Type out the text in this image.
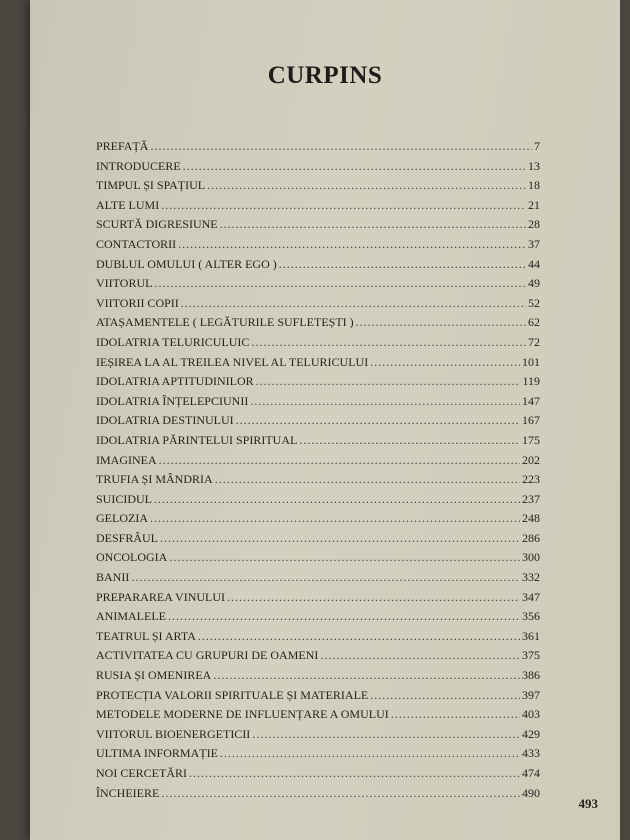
CURPINS
PREFAȚĂ .....	7
INTRODUCERE .....	13
TIMPUL ȘI SPAȚIUL .....	18
ALTE LUMI .....	21
SCURTĂ DIGRESIUNE .....	28
CONTACTORII .....	37
DUBLUL OMULUI ( ALTER EGO ) .....	44
VIITORUL .....	49
VIITORII COPII .....	52
ATAȘAMENTELE ( LEGĂTURILE SUFLETEȘTI ) .....	62
IDOLATRIA TELURICULUIC .....	72
IEȘIREA LA AL TREILEA NIVEL AL TELURICULUI .....	101
IDOLATRIA APTITUDINILOR .....	119
IDOLATRIA ÎNȚELEPCIUNII .....	147
IDOLATRIA DESTINULUI .....	167
IDOLATRIA PĂRINTELUI SPIRITUAL .....	175
IMAGINEA .....	202
TRUFIA ȘI MÂNDRIA .....	223
SUICIDUL .....	237
GELOZIA .....	248
DESFRÂUL .....	286
ONCOLOGIA .....	300
BANII .....	332
PREPARAREA VINULUI .....	347
ANIMALELE .....	356
TEATRUL ȘI ARTA .....	361
ACTIVITATEA CU GRUPURI DE OAMENI .....	375
RUSIA ȘI OMENIREA .....	386
PROTECȚIA VALORII SPIRITUALE ȘI MATERIALE .....	397
METODELE MODERNE DE INFLUENȚARE A OMULUI .....	403
VIITORUL BIOENERGETICII .....	429
ULTIMA INFORMAȚIE .....	433
NOI CERCETĂRI .....	474
ÎNCHEIERE .....	490
493
